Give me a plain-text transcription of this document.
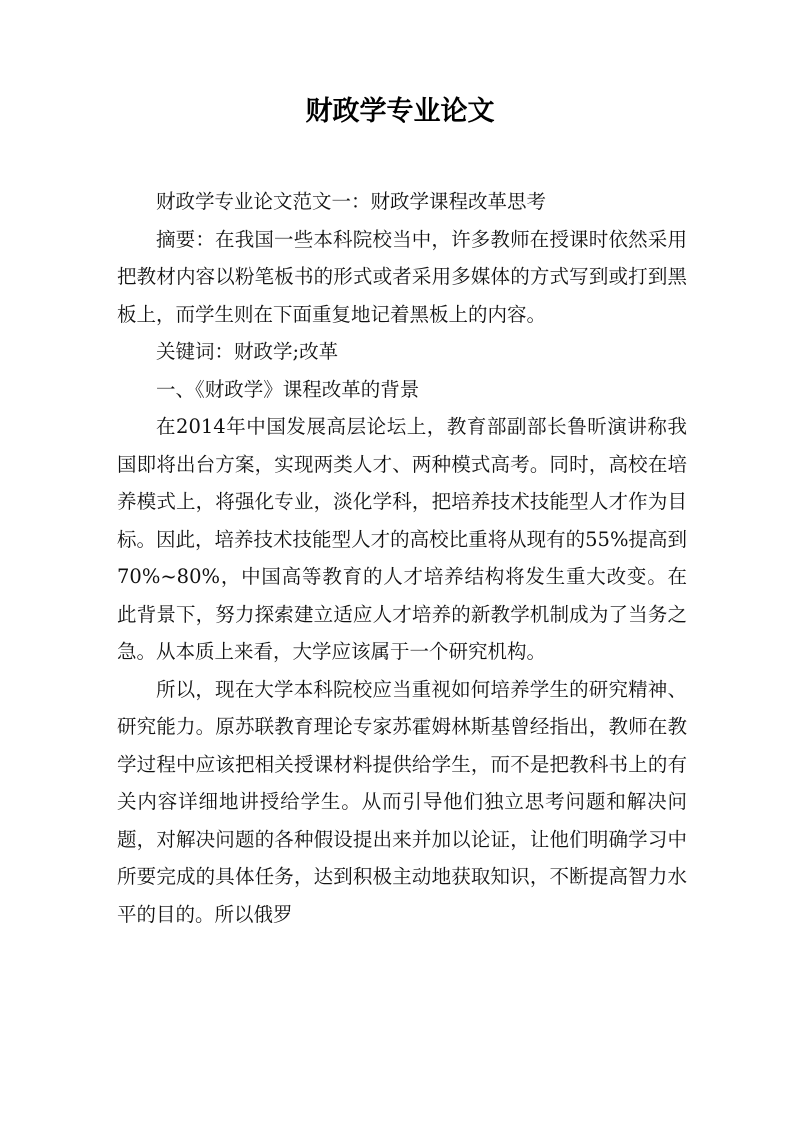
财政学专业论文

财政学专业论文范文一：财政学课程改革思考

摘要：在我国一些本科院校当中，许多教师在授课时依然采用把教材内容以粉笔板书的形式或者采用多媒体的方式写到或打到黑板上，而学生则在下面重复地记着黑板上的内容。

关键词：财政学;改革

一、《财政学》课程改革的背景

在2014年中国发展高层论坛上，教育部副部长鲁昕演讲称我国即将出台方案，实现两类人才、两种模式高考。同时，高校在培养模式上，将强化专业，淡化学科，把培养技术技能型人才作为目标。因此，培养技术技能型人才的高校比重将从现有的55%提高到70%~80%，中国高等教育的人才培养结构将发生重大改变。在此背景下，努力探索建立适应人才培养的新教学机制成为了当务之急。从本质上来看，大学应该属于一个研究机构。

所以，现在大学本科院校应当重视如何培养学生的研究精神、研究能力。原苏联教育理论专家苏霍姆林斯基曾经指出，教师在教学过程中应该把相关授课材料提供给学生，而不是把教科书上的有关内容详细地讲授给学生。从而引导他们独立思考问题和解决问题，对解决问题的各种假设提出来并加以论证，让他们明确学习中所要完成的具体任务，达到积极主动地获取知识，不断提高智力水平的目的。所以俄罗
